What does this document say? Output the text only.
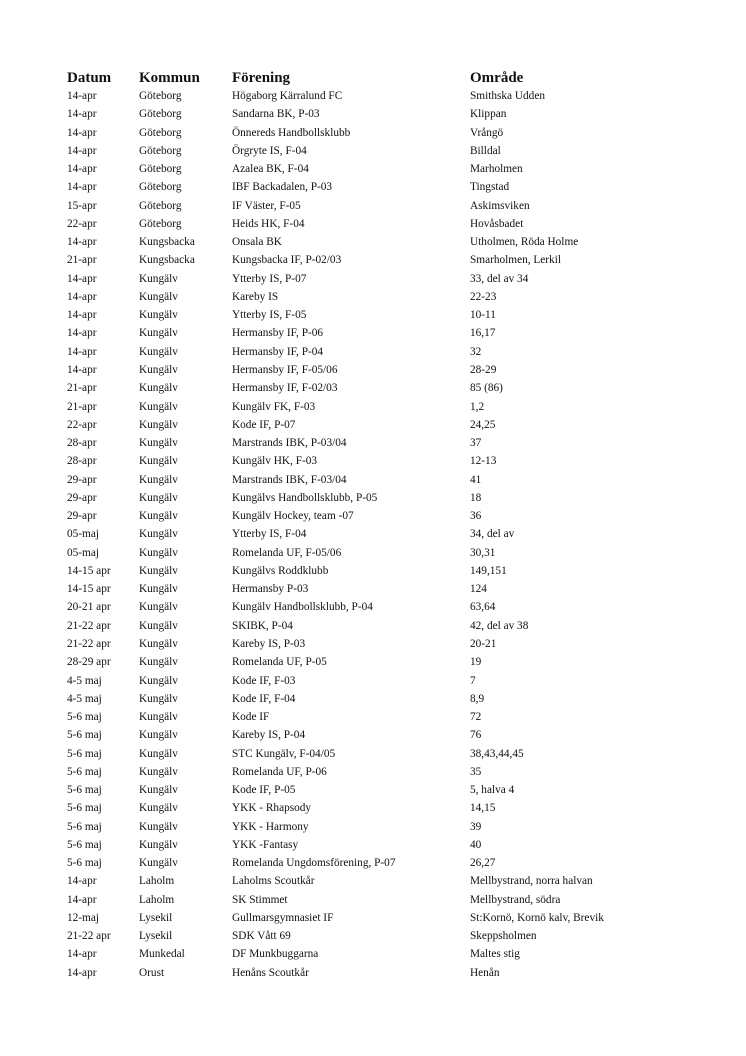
Datum	Kommun	Förening	Område
14-apr	Göteborg	Högaborg Kärralund FC	Smithska Udden
14-apr	Göteborg	Sandarna BK, P-03	Klippan
14-apr	Göteborg	Önnereds Handbollsklubb	Vrångö
14-apr	Göteborg	Örgryte IS, F-04	Billdal
14-apr	Göteborg	Azalea BK, F-04	Marholmen
14-apr	Göteborg	IBF Backadalen, P-03	Tingstad
15-apr	Göteborg	IF Väster, F-05	Askimsviken
22-apr	Göteborg	Heids HK, F-04	Hovåsbadet
14-apr	Kungsbacka	Onsala BK	Utholmen, Röda Holme
21-apr	Kungsbacka	Kungsbacka IF, P-02/03	Smarholmen, Lerkil
14-apr	Kungälv	Ytterby IS, P-07	33, del av 34
14-apr	Kungälv	Kareby IS	22-23
14-apr	Kungälv	Ytterby IS, F-05	10-11
14-apr	Kungälv	Hermansby IF, P-06	16,17
14-apr	Kungälv	Hermansby IF, P-04	32
14-apr	Kungälv	Hermansby IF, F-05/06	28-29
21-apr	Kungälv	Hermansby IF, F-02/03	85 (86)
21-apr	Kungälv	Kungälv FK, F-03	1,2
22-apr	Kungälv	Kode IF, P-07	24,25
28-apr	Kungälv	Marstrands IBK, P-03/04	37
28-apr	Kungälv	Kungälv HK, F-03	12-13
29-apr	Kungälv	Marstrands IBK, F-03/04	41
29-apr	Kungälv	Kungälvs Handbollsklubb, P-05	18
29-apr	Kungälv	Kungälv Hockey, team -07	36
05-maj	Kungälv	Ytterby IS, F-04	34, del av
05-maj	Kungälv	Romelanda UF, F-05/06	30,31
14-15 apr	Kungälv	Kungälvs Roddklubb	149,151
14-15 apr	Kungälv	Hermansby P-03	124
20-21 apr	Kungälv	Kungälv Handbollsklubb, P-04	63,64
21-22 apr	Kungälv	SKIBK, P-04	42, del av 38
21-22 apr	Kungälv	Kareby IS, P-03	20-21
28-29 apr	Kungälv	Romelanda UF, P-05	19
4-5 maj	Kungälv	Kode IF, F-03	7
4-5 maj	Kungälv	Kode IF, F-04	8,9
5-6 maj	Kungälv	Kode IF	72
5-6 maj	Kungälv	Kareby IS, P-04	76
5-6 maj	Kungälv	STC Kungälv, F-04/05	38,43,44,45
5-6 maj	Kungälv	Romelanda UF, P-06	35
5-6 maj	Kungälv	Kode IF, P-05	5, halva 4
5-6 maj	Kungälv	YKK - Rhapsody	14,15
5-6 maj	Kungälv	YKK - Harmony	39
5-6 maj	Kungälv	YKK -Fantasy	40
5-6 maj	Kungälv	Romelanda Ungdomsförening, P-07	26,27
14-apr	Laholm	Laholms Scoutkår	Mellbystrand, norra halvan
14-apr	Laholm	SK Stimmet	Mellbystrand, södra
12-maj	Lysekil	Gullmarsgymnasiet IF	St:Kornö, Kornö kalv, Brevik
21-22 apr	Lysekil	SDK Vått 69	Skeppsholmen
14-apr	Munkedal	DF Munkbuggarna	Maltes stig
14-apr	Orust	Henåns Scoutkår	Henån
